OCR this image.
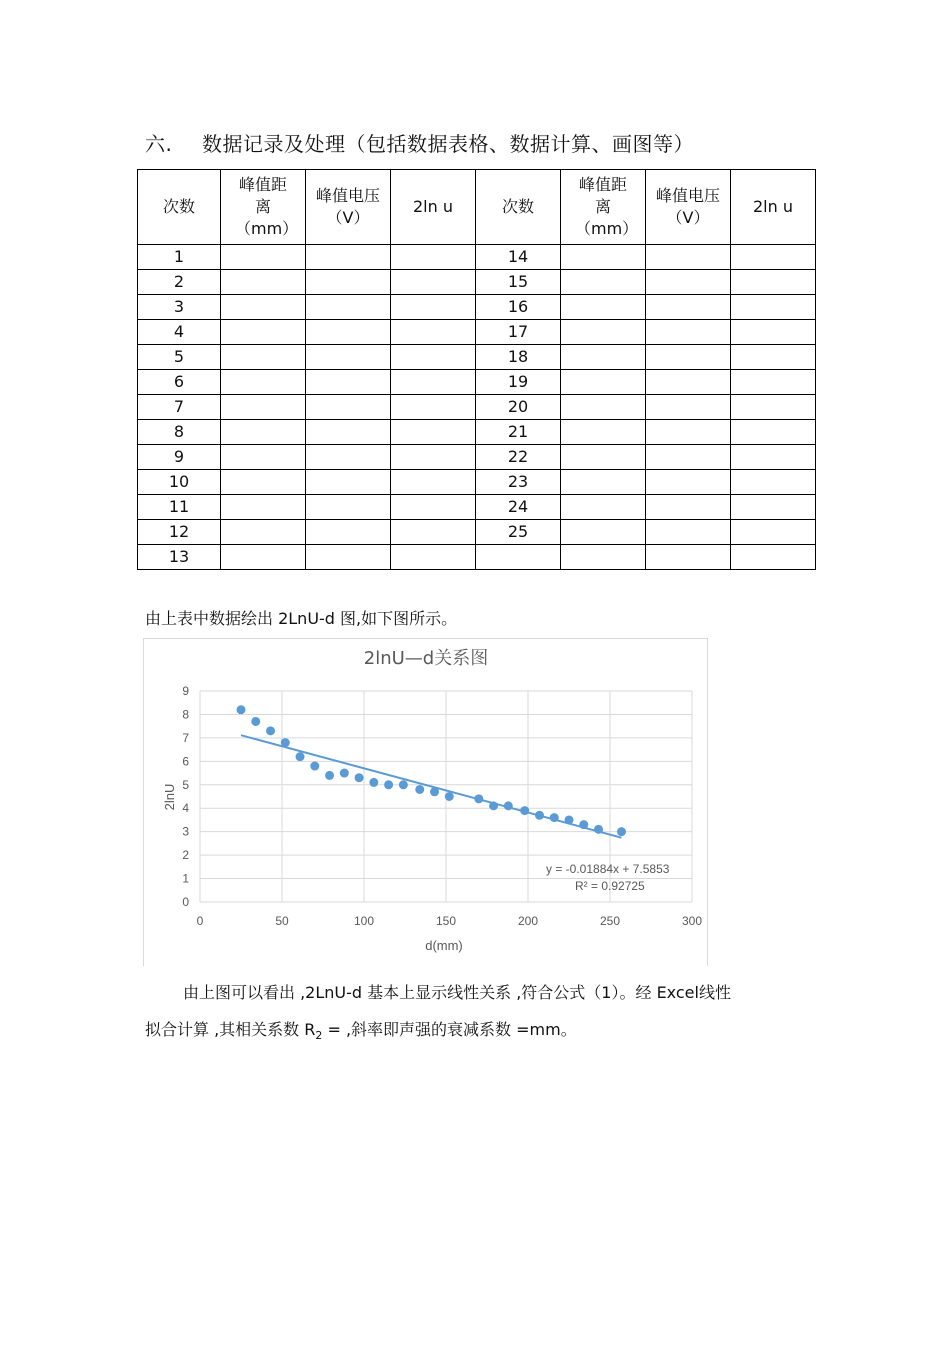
六. 数据记录及处理（包括数据表格、数据计算、画图等）
次数	峰值距离（mm）	峰值电压（V）	2ln u	次数	峰值距离（mm）	峰值电压（V）	2ln u
1				14			
2				15			
3				16			
4				17			
5				18			
6				19			
7				20			
8				21			
9				22			
10				23			
11				24			
12				25			
13							
由上表中数据绘出 2LnU-d 图,如下图所示。
2lnU—d关系图
0
1
2
3
4
5
6
7
8
9
0	50	100	150	200	250	300
d(mm)
2lnU
y = -0.01884x + 7.5853
R² = 0.92725
由上图可以看出 ,2LnU-d 基本上显示线性关系 ,符合公式（1）。经 Excel线性
拟合计算 ,其相关系数 $R_2$ = ,斜率即声强的衰减系数 =mm。
